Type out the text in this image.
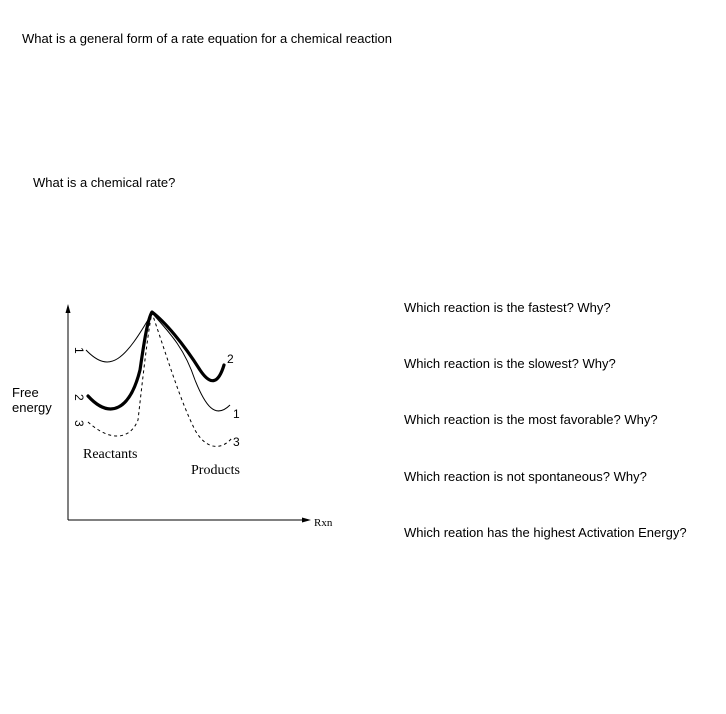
What is a general form of a rate equation for a chemical reaction
What is a chemical rate?
Free
energy
1
2
3
2
1
3
Reactants
Products
Rxn
Which reaction is the fastest? Why?
Which reaction is the slowest? Why?
Which reaction is the most favorable? Why?
Which reaction is not spontaneous? Why?
Which reation has the highest Activation Energy?
